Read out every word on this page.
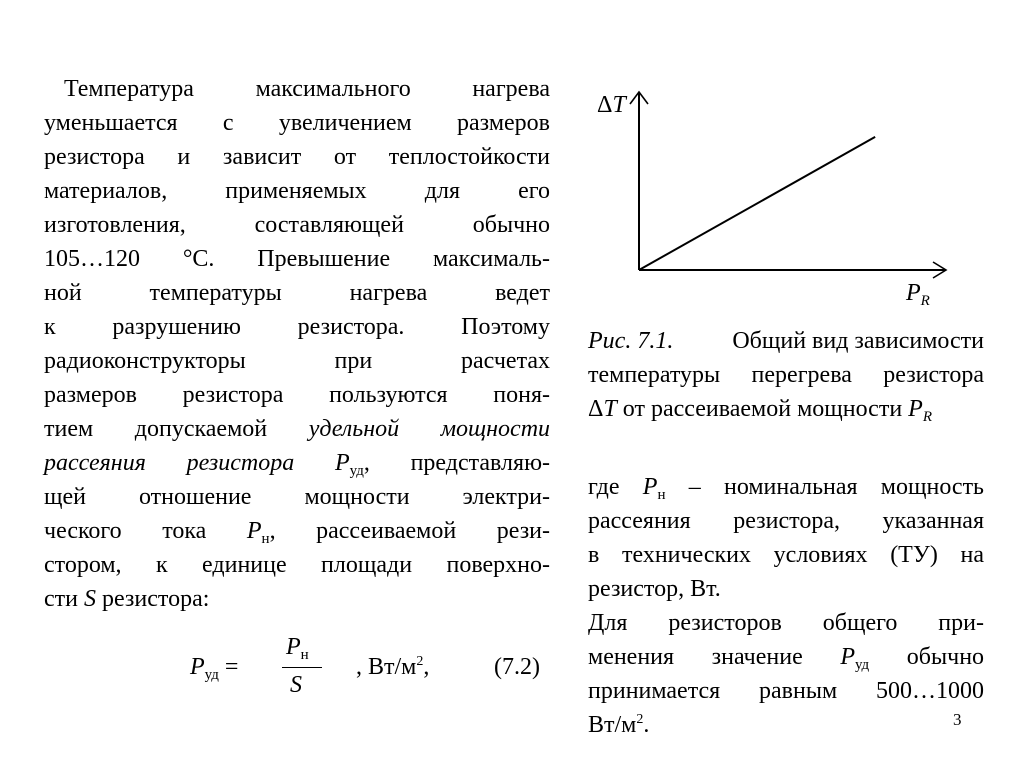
Температура максимального нагрева
уменьшается с увеличением размеров
резистора и зависит от теплостойкости
материалов, применяемых для его
изготовления, составляющей обычно
105…120 °С. Превышение максималь-
ной температуры нагрева ведет
к разрушению резистора. Поэтому
радиоконструкторы при расчетах
размеров резистора пользуются поня-
тием допускаемой удельной мощности
рассеяния резистора $P_{уд}$, представляю-
щей отношение мощности электри-
ческого тока $P_н$, рассеиваемой рези-
стором, к единице площади поверхно-
сти S резистора:
$P_{уд}$ =
$P_н$
S
, $Вт/м^2$,	(7.2)
ΔT
$P_R$
Рис. 7.1. Общий вид зависимости
температуры перегрева резистора
ΔT от рассеиваемой мощности $P_R$
где $P_н$ – номинальная мощность
рассеяния резистора, указанная
в технических условиях (ТУ) на
резистор, Вт.
Для резисторов общего при-
менения значение $P_{уд}$ обычно
принимается равным 500…1000
$Вт/м^2$.	3
